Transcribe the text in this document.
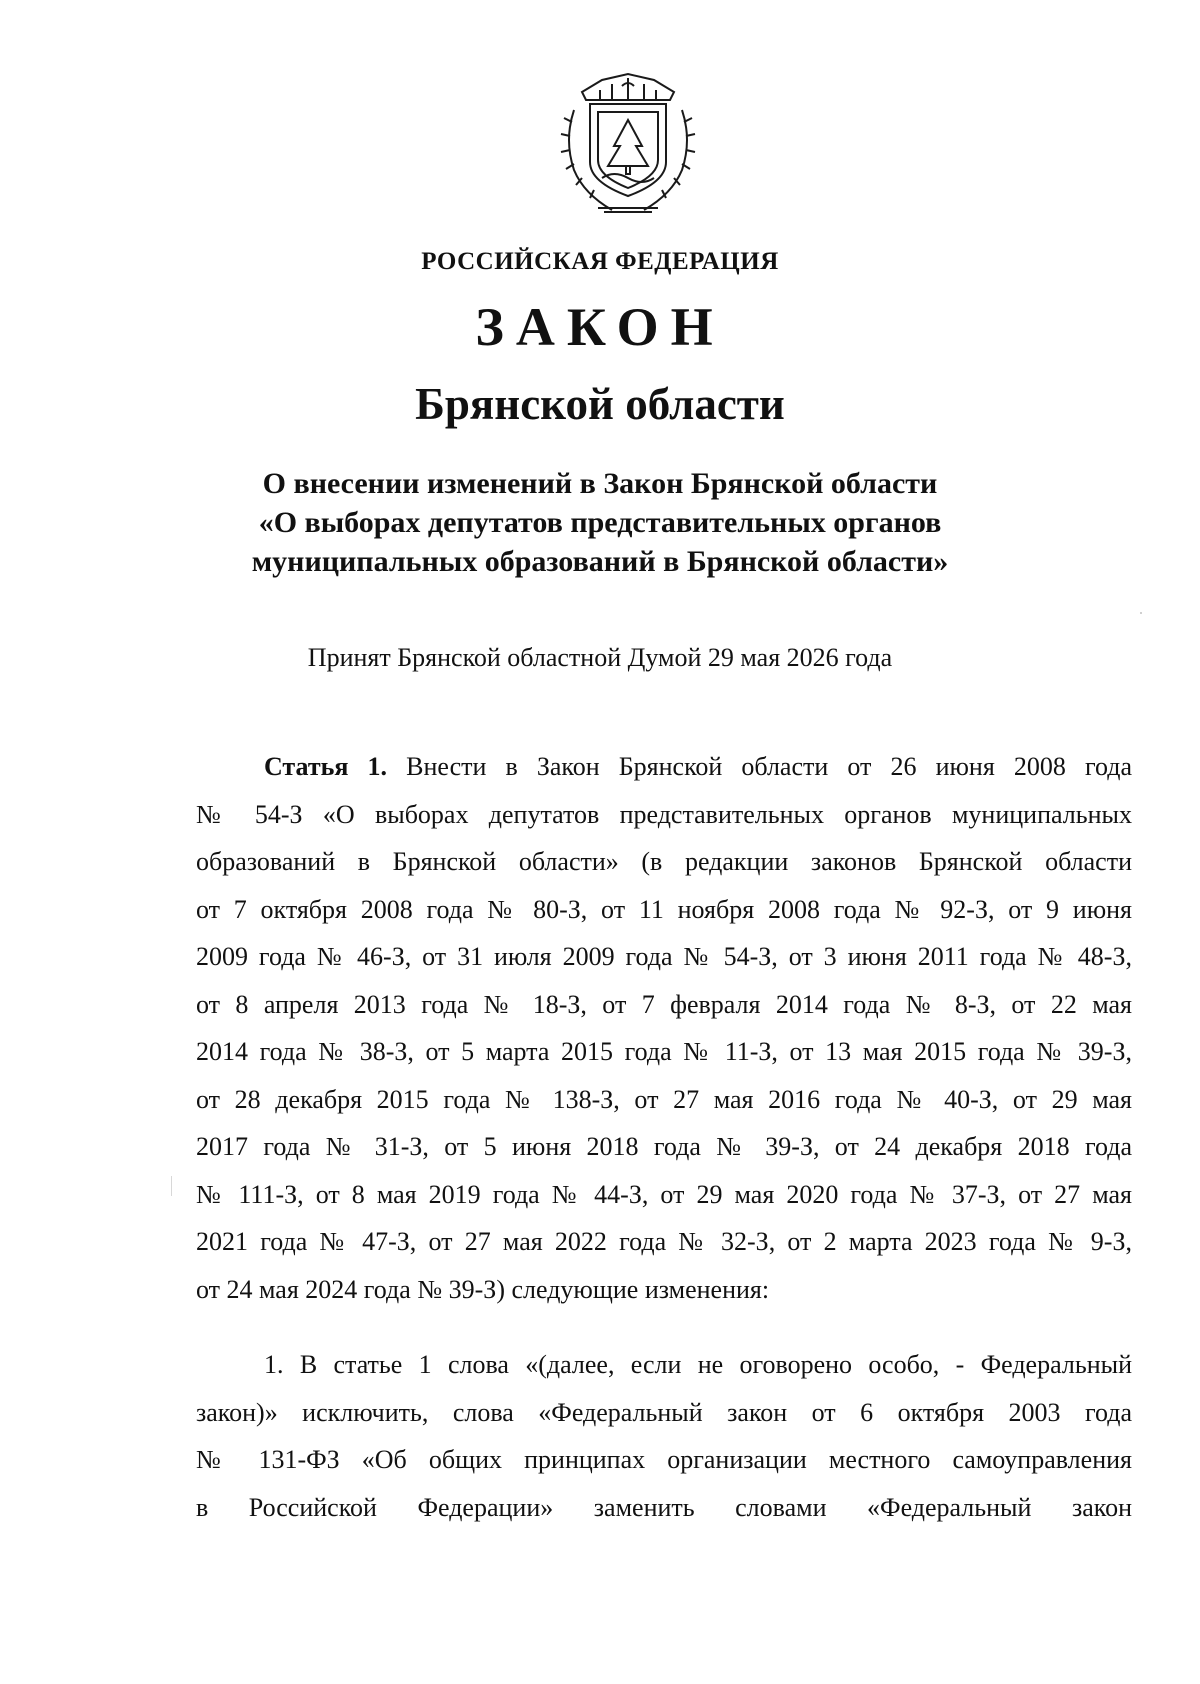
РОССИЙСКАЯ ФЕДЕРАЦИЯ

ЗАКОН

Брянской области

О внесении изменений в Закон Брянской области
«О выборах депутатов представительных органов
муниципальных образований в Брянской области»

Принят Брянской областной Думой 29 мая 2026 года

Статья 1. Внести в Закон Брянской области от 26 июня 2008 года
№ 54-З «О выборах депутатов представительных органов муниципальных
образований в Брянской области» (в редакции законов Брянской области
от 7 октября 2008 года № 80-З, от 11 ноября 2008 года № 92-З, от 9 июня
2009 года № 46-З, от 31 июля 2009 года № 54-З, от 3 июня 2011 года № 48-З,
от 8 апреля 2013 года № 18-З, от 7 февраля 2014 года № 8-З, от 22 мая
2014 года № 38-З, от 5 марта 2015 года № 11-З, от 13 мая 2015 года № 39-З,
от 28 декабря 2015 года № 138-З, от 27 мая 2016 года № 40-З, от 29 мая
2017 года № 31-З, от 5 июня 2018 года № 39-З, от 24 декабря 2018 года
№ 111-З, от 8 мая 2019 года № 44-З, от 29 мая 2020 года № 37-З, от 27 мая
2021 года № 47-З, от 27 мая 2022 года № 32-З, от 2 марта 2023 года № 9-З,
от 24 мая 2024 года № 39-З) следующие изменения:
1. В статье 1 слова «(далее, если не оговорено особо, - Федеральный
закон)» исключить, слова «Федеральный закон от 6 октября 2003 года
№ 131-ФЗ «Об общих принципах организации местного самоуправления
в Российской Федерации» заменить словами «Федеральный закон
